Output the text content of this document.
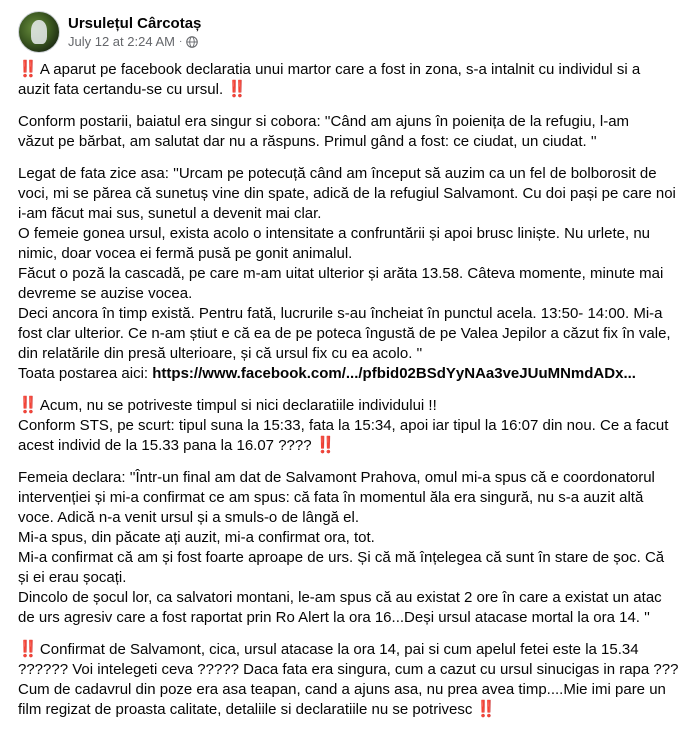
Ursulețul Cârcotaș
July 12 at 2:24 AM ·
‼️ A aparut pe facebook declaratia unui martor care a fost in zona, s-a intalnit cu individul si a
auzit fata certandu-se cu ursul. ‼️
Conform postarii, baiatul era singur si cobora: ''Când am ajuns în poienița de la refugiu, l-am
văzut pe bărbat, am salutat dar nu a răspuns. Primul gând a fost: ce ciudat, un ciudat. ''
Legat de fata zice asa: ''Urcam pe potecuță când am început să auzim ca un fel de bolborosit de
voci, mi se părea că sunetuș vine din spate, adică de la refugiul Salvamont. Cu doi pași pe care noi
i-am făcut mai sus, sunetul a devenit mai clar.
O femeie gonea ursul, exista acolo o intensitate a confruntării și apoi brusc liniște. Nu urlete, nu
nimic, doar vocea ei fermă pusă pe gonit animalul.
Făcut o poză la cascadă, pe care m-am uitat ulterior și arăta 13.58. Câteva momente, minute mai
devreme se auzise vocea.
Deci ancora în timp există. Pentru fată, lucrurile s-au încheiat în punctul acela. 13:50- 14:00. Mi-a
fost clar ulterior. Ce n-am știut e că ea de pe poteca îngustă de pe Valea Jepilor a căzut fix în vale,
din relatările din presă ulterioare, și că ursul fix cu ea acolo. ''
Toata postarea aici: https://www.facebook.com/.../pfbid02BSdYyNAa3veJUuMNmdADx...
‼️ Acum, nu se potriveste timpul si nici declaratiile individului !!
Conform STS, pe scurt: tipul suna la 15:33, fata la 15:34, apoi iar tipul la 16:07 din nou. Ce a facut
acest individ de la 15.33 pana la 16.07 ???? ‼️
Femeia declara: ''Într-un final am dat de Salvamont Prahova, omul mi-a spus că e coordonatorul
intervenției și mi-a confirmat ce am spus: că fata în momentul ăla era singură, nu s-a auzit altă
voce. Adică n-a venit ursul și a smuls-o de lângă el.
Mi-a spus, din păcate ați auzit, mi-a confirmat ora, tot.
Mi-a confirmat că am și fost foarte aproape de urs. Și că mă înțelegea că sunt în stare de șoc. Că
și ei erau șocați.
Dincolo de șocul lor, ca salvatori montani, le-am spus că au existat 2 ore în care a existat un atac
de urs agresiv care a fost raportat prin Ro Alert la ora 16...Deși ursul atacase mortal la ora 14. ''
‼️ Confirmat de Salvamont, cica, ursul atacase la ora 14, pai si cum apelul fetei este la 15.34
?????? Voi intelegeti ceva ????? Daca fata era singura, cum a cazut cu ursul sinucigas in rapa ???
Cum de cadavrul din poze era asa teapan, cand a ajuns asa, nu prea avea timp....Mie imi pare un
film regizat de proasta calitate, detaliile si declaratiile nu se potrivesc ‼️
